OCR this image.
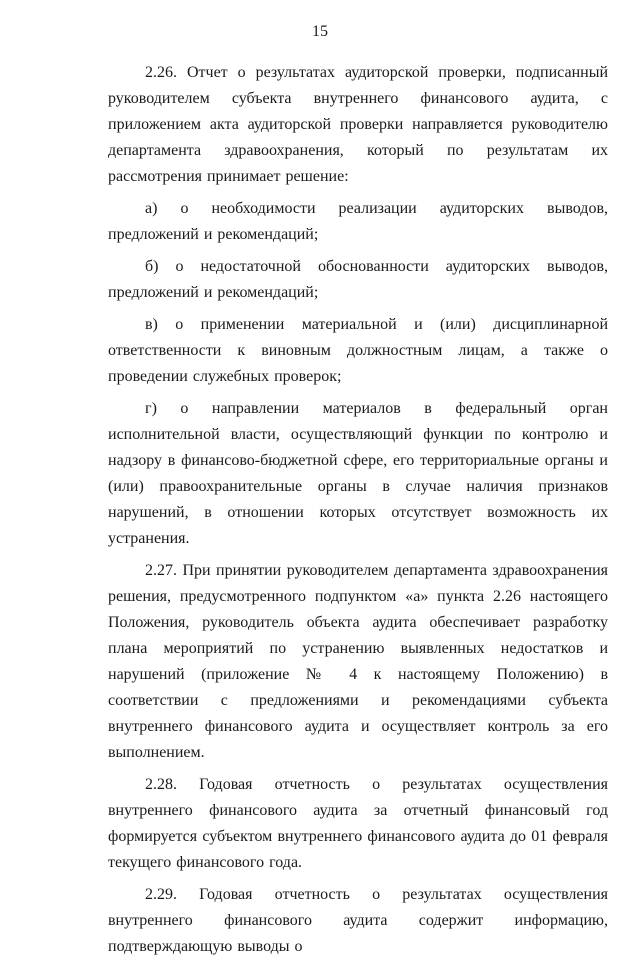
15

2.26. Отчет о результатах аудиторской проверки, подписанный руководителем субъекта внутреннего финансового аудита, с приложением акта аудиторской проверки направляется руководителю департамента здравоохранения, который по результатам их рассмотрения принимает решение:

а) о необходимости реализации аудиторских выводов, предложений и рекомендаций;

б) о недостаточной обоснованности аудиторских выводов, предложений и рекомендаций;

в) о применении материальной и (или) дисциплинарной ответственности к виновным должностным лицам, а также о проведении служебных проверок;

г) о направлении материалов в федеральный орган исполнительной власти, осуществляющий функции по контролю и надзору в финансово-бюджетной сфере, его территориальные органы и (или) правоохранительные органы в случае наличия признаков нарушений, в отношении которых отсутствует возможность их устранения.

2.27. При принятии руководителем департамента здравоохранения решения, предусмотренного подпунктом «а» пункта 2.26 настоящего Положения, руководитель объекта аудита обеспечивает разработку плана мероприятий по устранению выявленных недостатков и нарушений (приложение № 4 к настоящему Положению) в соответствии с предложениями и рекомендациями субъекта внутреннего финансового аудита и осуществляет контроль за его выполнением.

2.28. Годовая отчетность о результатах осуществления внутреннего финансового аудита за отчетный финансовый год формируется субъектом внутреннего финансового аудита до 01 февраля текущего финансового года.

2.29. Годовая отчетность о результатах осуществления внутреннего финансового аудита содержит информацию, подтверждающую выводы о
